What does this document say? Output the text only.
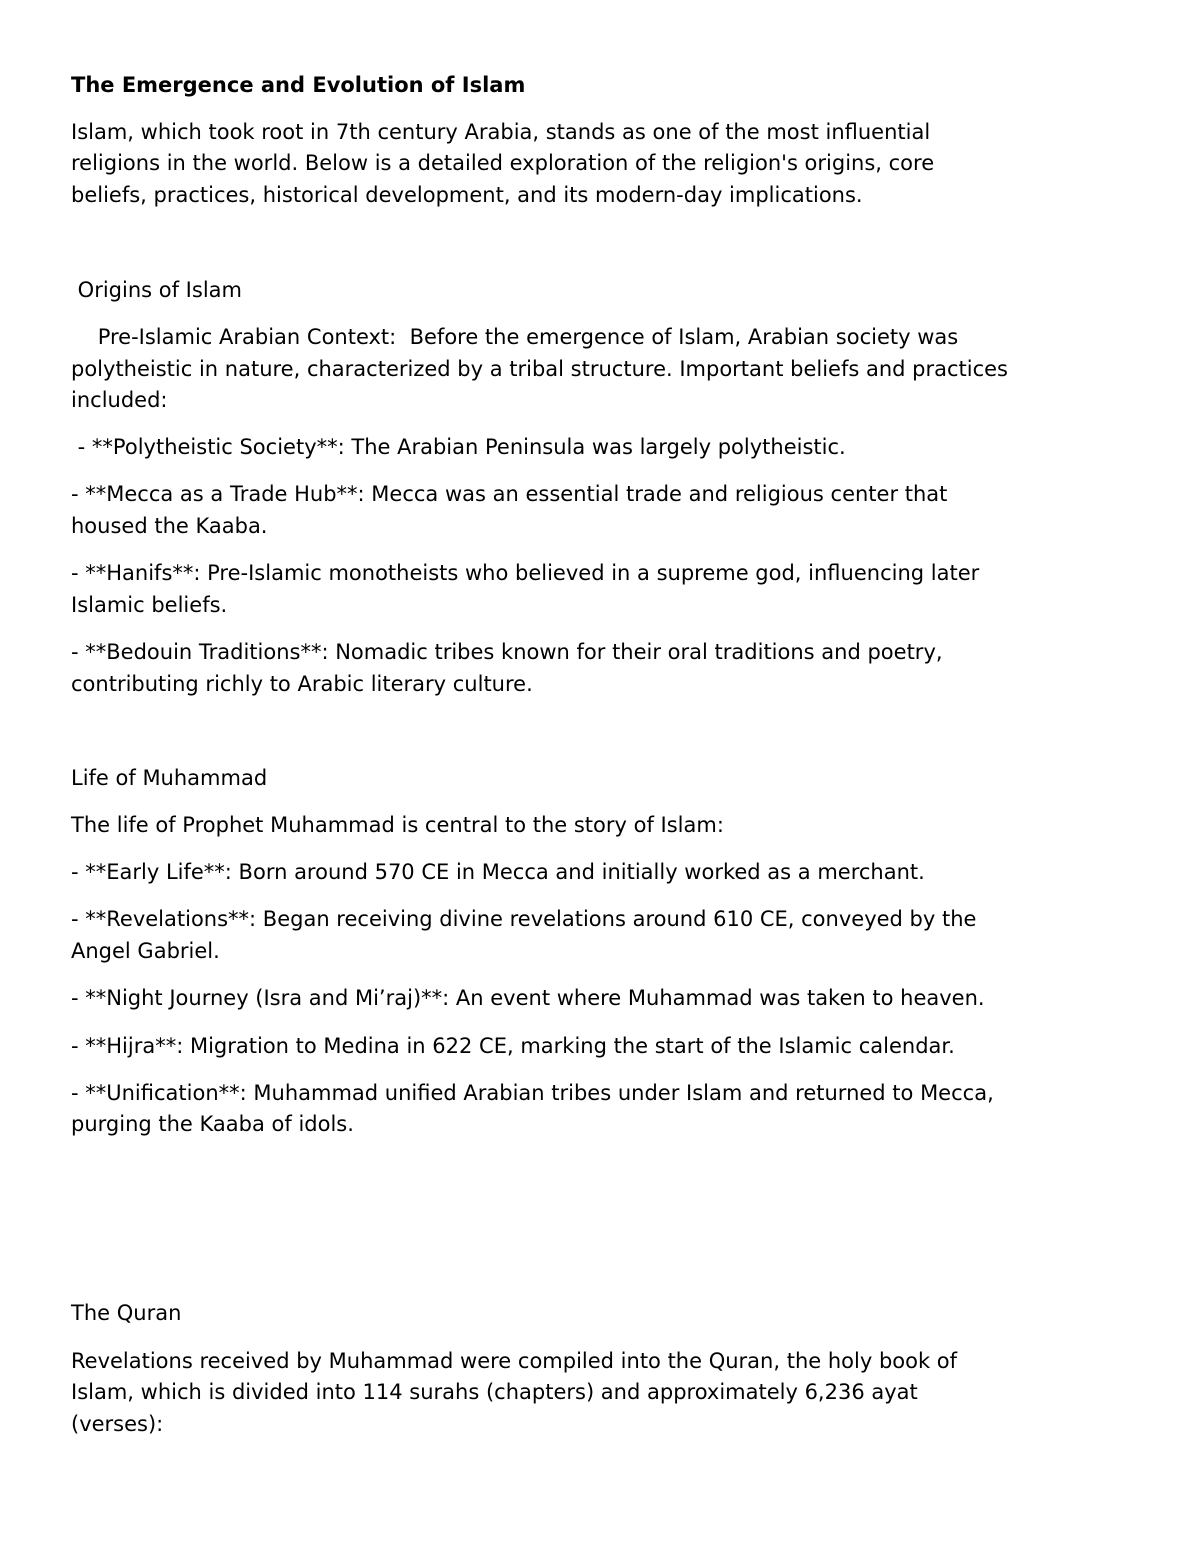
The Emergence and Evolution of Islam

Islam, which took root in 7th century Arabia, stands as one of the most influential

religions in the world. Below is a detailed exploration of the religion's origins, core

beliefs, practices, historical development, and its modern-day implications.

Origins of Islam

Pre-Islamic Arabian Context:  Before the emergence of Islam, Arabian society was

polytheistic in nature, characterized by a tribal structure. Important beliefs and practices

included:

- **Polytheistic Society**: The Arabian Peninsula was largely polytheistic.

- **Mecca as a Trade Hub**: Mecca was an essential trade and religious center that

housed the Kaaba.

- **Hanifs**: Pre-Islamic monotheists who believed in a supreme god, influencing later

Islamic beliefs.

- **Bedouin Traditions**: Nomadic tribes known for their oral traditions and poetry,

contributing richly to Arabic literary culture.

Life of Muhammad

The life of Prophet Muhammad is central to the story of Islam:

- **Early Life**: Born around 570 CE in Mecca and initially worked as a merchant.

- **Revelations**: Began receiving divine revelations around 610 CE, conveyed by the

Angel Gabriel.

- **Night Journey (Isra and Mi’raj)**: An event where Muhammad was taken to heaven.

- **Hijra**: Migration to Medina in 622 CE, marking the start of the Islamic calendar.

- **Unification**: Muhammad unified Arabian tribes under Islam and returned to Mecca,

purging the Kaaba of idols.

The Quran

Revelations received by Muhammad were compiled into the Quran, the holy book of

Islam, which is divided into 114 surahs (chapters) and approximately 6,236 ayat

(verses):
